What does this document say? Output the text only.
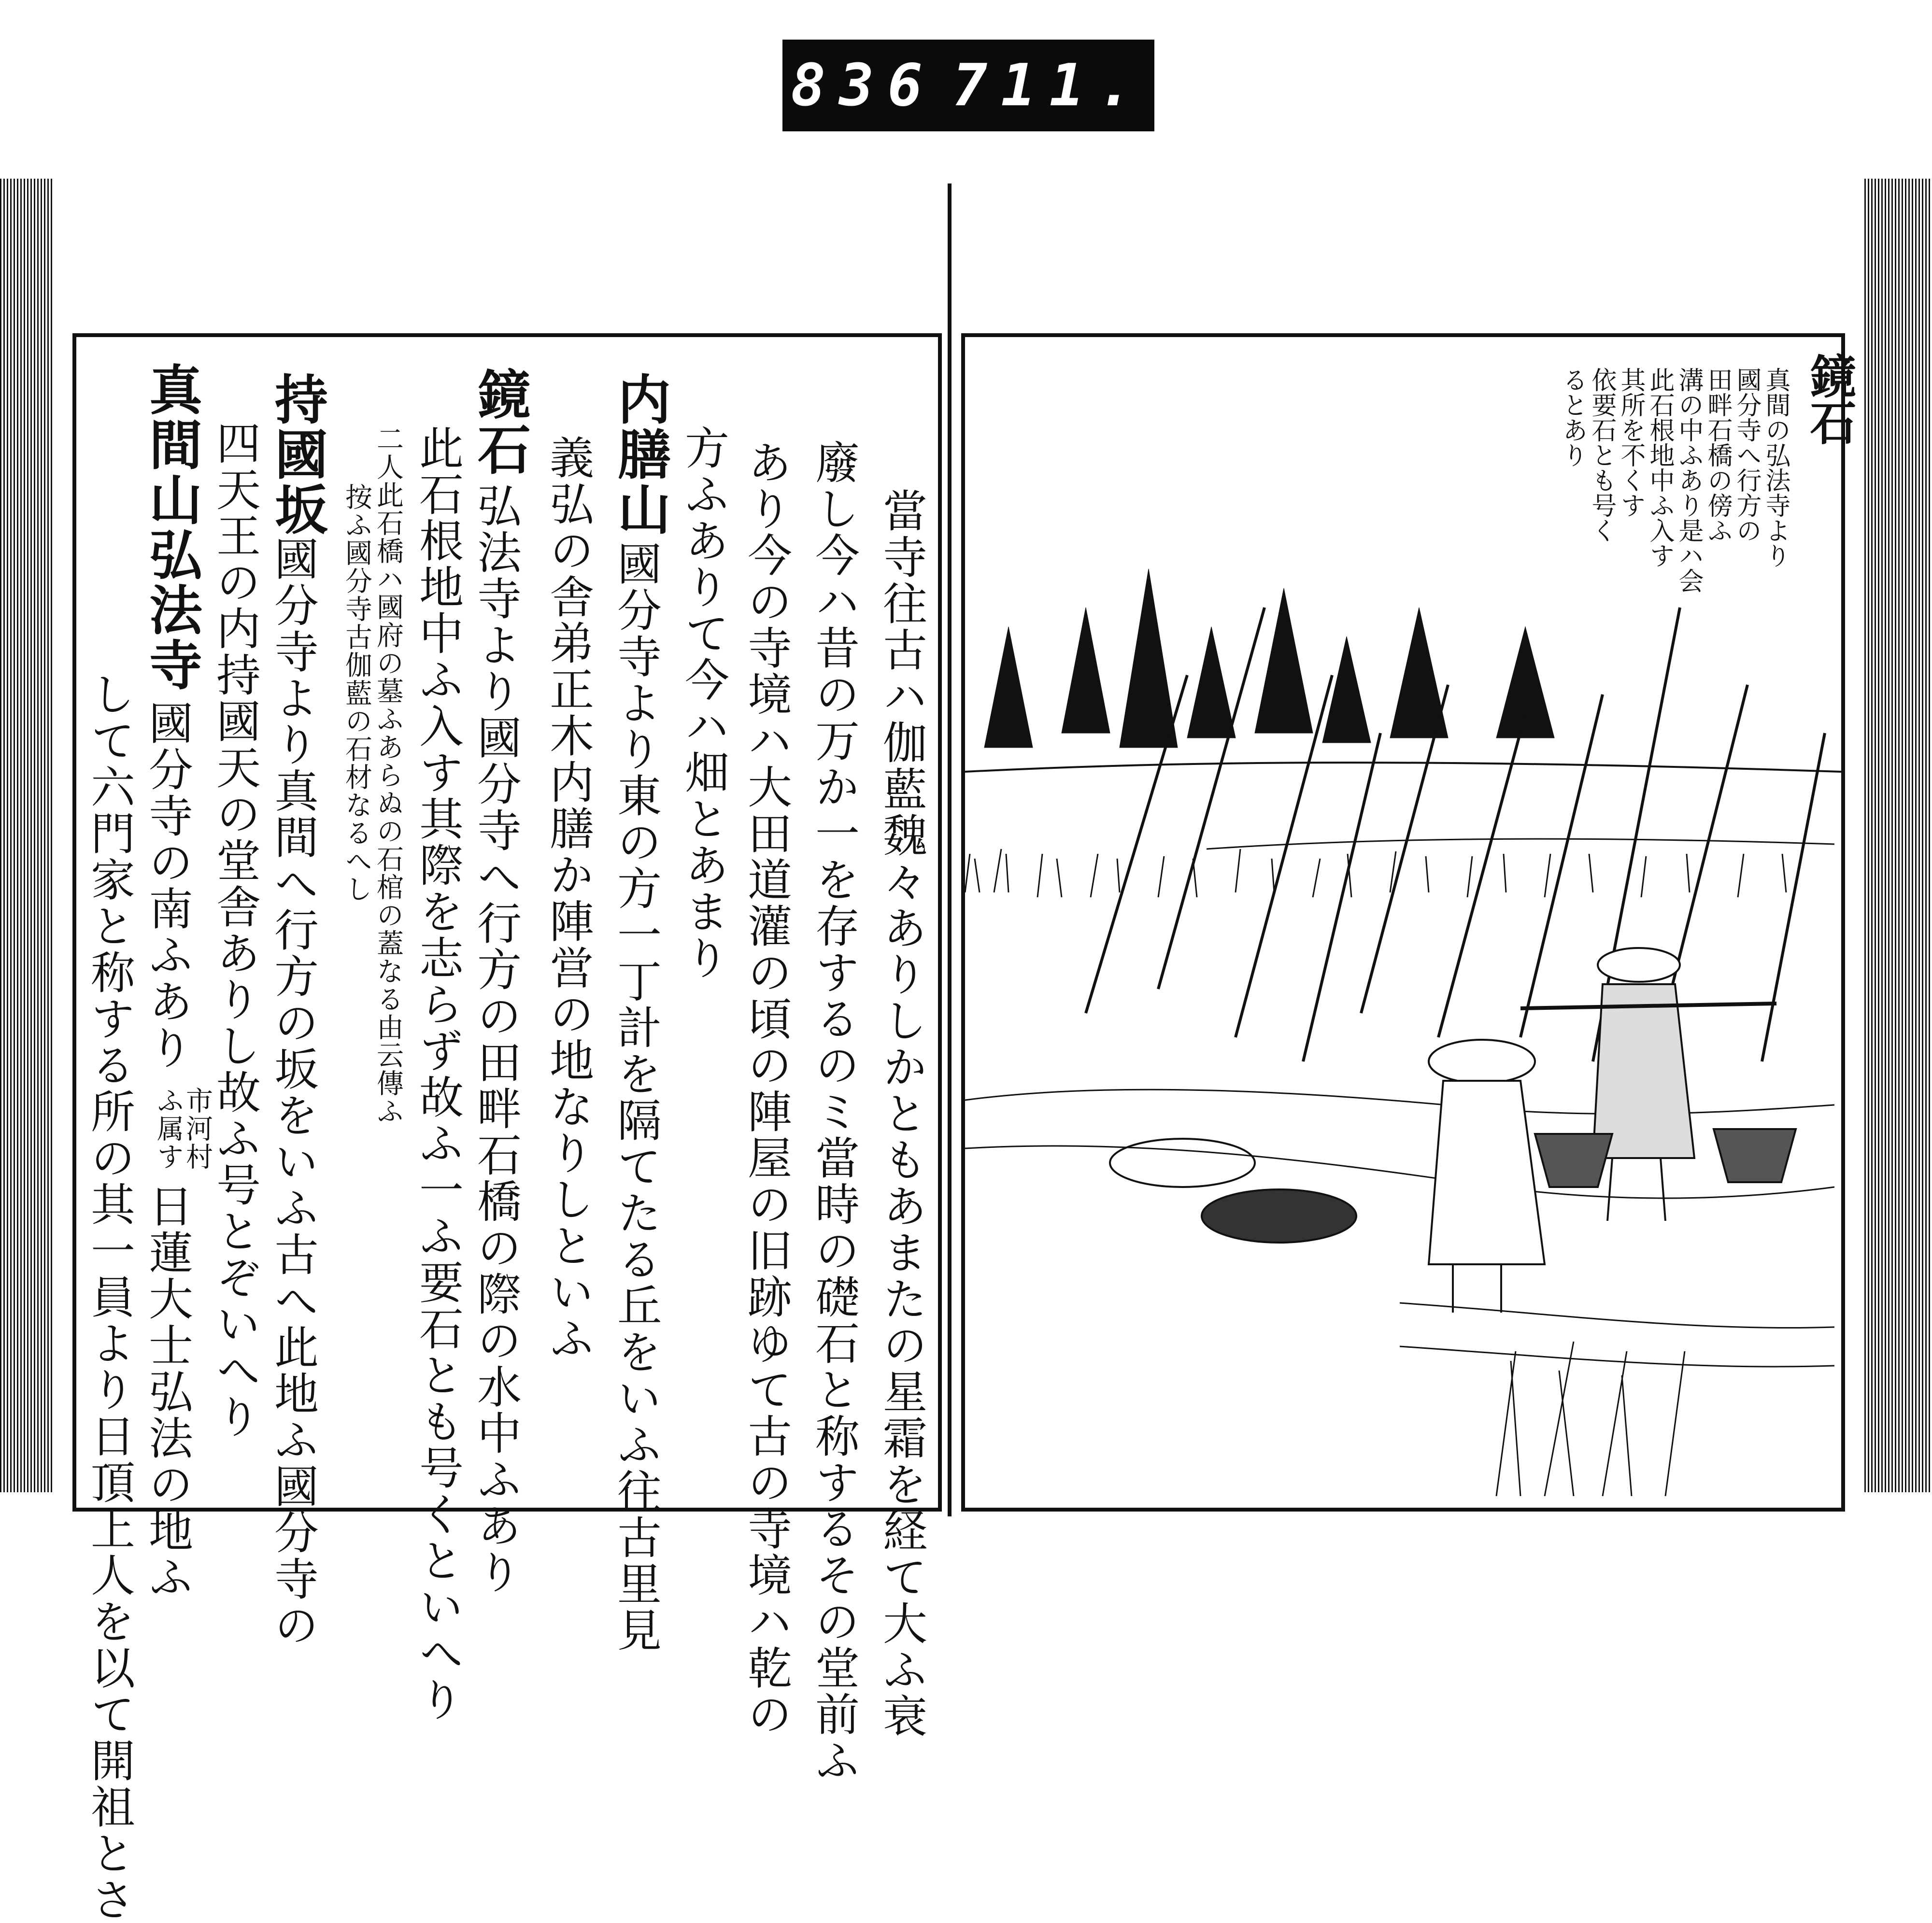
836 711.
當寺往古ハ伽藍魏々ありしかともあまたの星霜を経て大ふ衰
廢し今ハ昔の万か一を存するのミ當時の礎石と称するその堂前ふ
あり今の寺境ハ大田道灌の頃の陣屋の旧跡ゆて古の寺境ハ乾の
方ふありて今ハ畑とあまり
内膳山
國分寺より東の方一丁計を隔てたる丘をいふ往古里見
義弘の舎弟正木内膳か陣営の地なりしといふ
鏡石
弘法寺より國分寺へ行方の田畔石橋の際の水中ふあり
此石根地中ふ入す其際を志らず故ふ一ふ要石とも号くといへり
二人此石橋ハ國府の墓ふあらぬの石棺の蓋なる由云傳ふ
按ふ國分寺古伽藍の石材なるへし
持國坂
國分寺より真間へ行方の坂をいふ古へ此地ふ國分寺の
四天王の内持國天の堂舎ありし故ふ号とぞいへり
真間山弘法寺
國分寺の南ふあり
市河村
ふ属す
日蓮大士弘法の地ふ
して六門家と称する所の其一員より日頂上人を以て開祖とさ
鏡石
真間の弘法寺より
國分寺へ行方の
田畔石橋の傍ふ
溝の中ふあり是ハ会
此石根地中ふ入す
其所を不くす
依要石とも号く
るとあり
